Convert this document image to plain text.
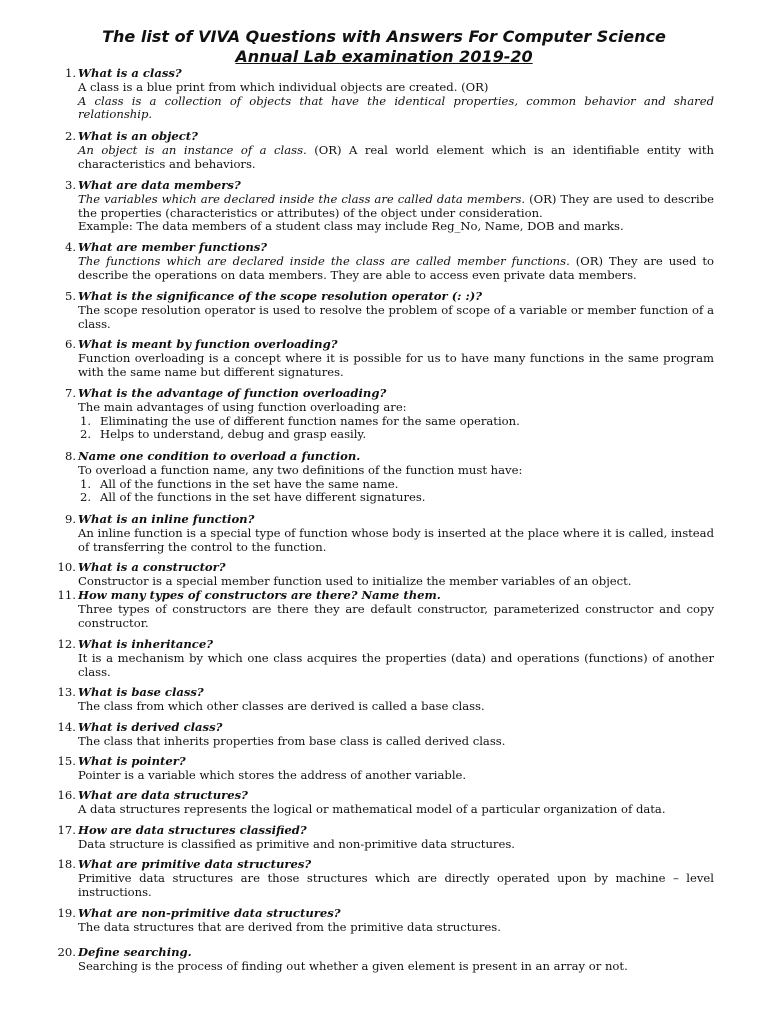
The list of VIVA Questions with Answers For Computer Science
Annual Lab examination 2019-20
1. What is a class?
A class is a blue print from which individual objects are created. (OR)
A class is a collection of objects that have the identical properties, common behavior and shared relationship.
2. What is an object?
An object is an instance of a class. (OR) A real world element which is an identifiable entity with characteristics and behaviors.
3. What are data members?
The variables which are declared inside the class are called data members. (OR) They are used to describe the properties (characteristics or attributes) of the object under consideration.
Example: The data members of a student class may include Reg_No, Name, DOB and marks.
4. What are member functions?
The functions which are declared inside the class are called member functions. (OR) They are used to describe the operations on data members. They are able to access even private data members.
5. What is the significance of the scope resolution operator (: :)?
The scope resolution operator is used to resolve the problem of scope of a variable or member function of a class.
6. What is meant by function overloading?
Function overloading is a concept where it is possible for us to have many functions in the same program with the same name but different signatures.
7. What is the advantage of function overloading?
The main advantages of using function overloading are:
1. Eliminating the use of different function names for the same operation.
2. Helps to understand, debug and grasp easily.
8. Name one condition to overload a function.
To overload a function name, any two definitions of the function must have:
1. All of the functions in the set have the same name.
2. All of the functions in the set have different signatures.
9. What is an inline function?
An inline function is a special type of function whose body is inserted at the place where it is called, instead of transferring the control to the function.
10. What is a constructor?
Constructor is a special member function used to initialize the member variables of an object.
11. How many types of constructors are there? Name them.
Three types of constructors are there they are default constructor, parameterized constructor and copy constructor.
12. What is inheritance?
It is a mechanism by which one class acquires the properties (data) and operations (functions) of another class.
13. What is base class?
The class from which other classes are derived is called a base class.
14. What is derived class?
The class that inherits properties from base class is called derived class.
15. What is pointer?
Pointer is a variable which stores the address of another variable.
16. What are data structures?
A data structures represents the logical or mathematical model of a particular organization of data.
17. How are data structures classified?
Data structure is classified as primitive and non-primitive data structures.
18. What are primitive data structures?
Primitive data structures are those structures which are directly operated upon by machine – level instructions.
19. What are non-primitive data structures?
The data structures that are derived from the primitive data structures.
20. Define searching.
Searching is the process of finding out whether a given element is present in an array or not.
